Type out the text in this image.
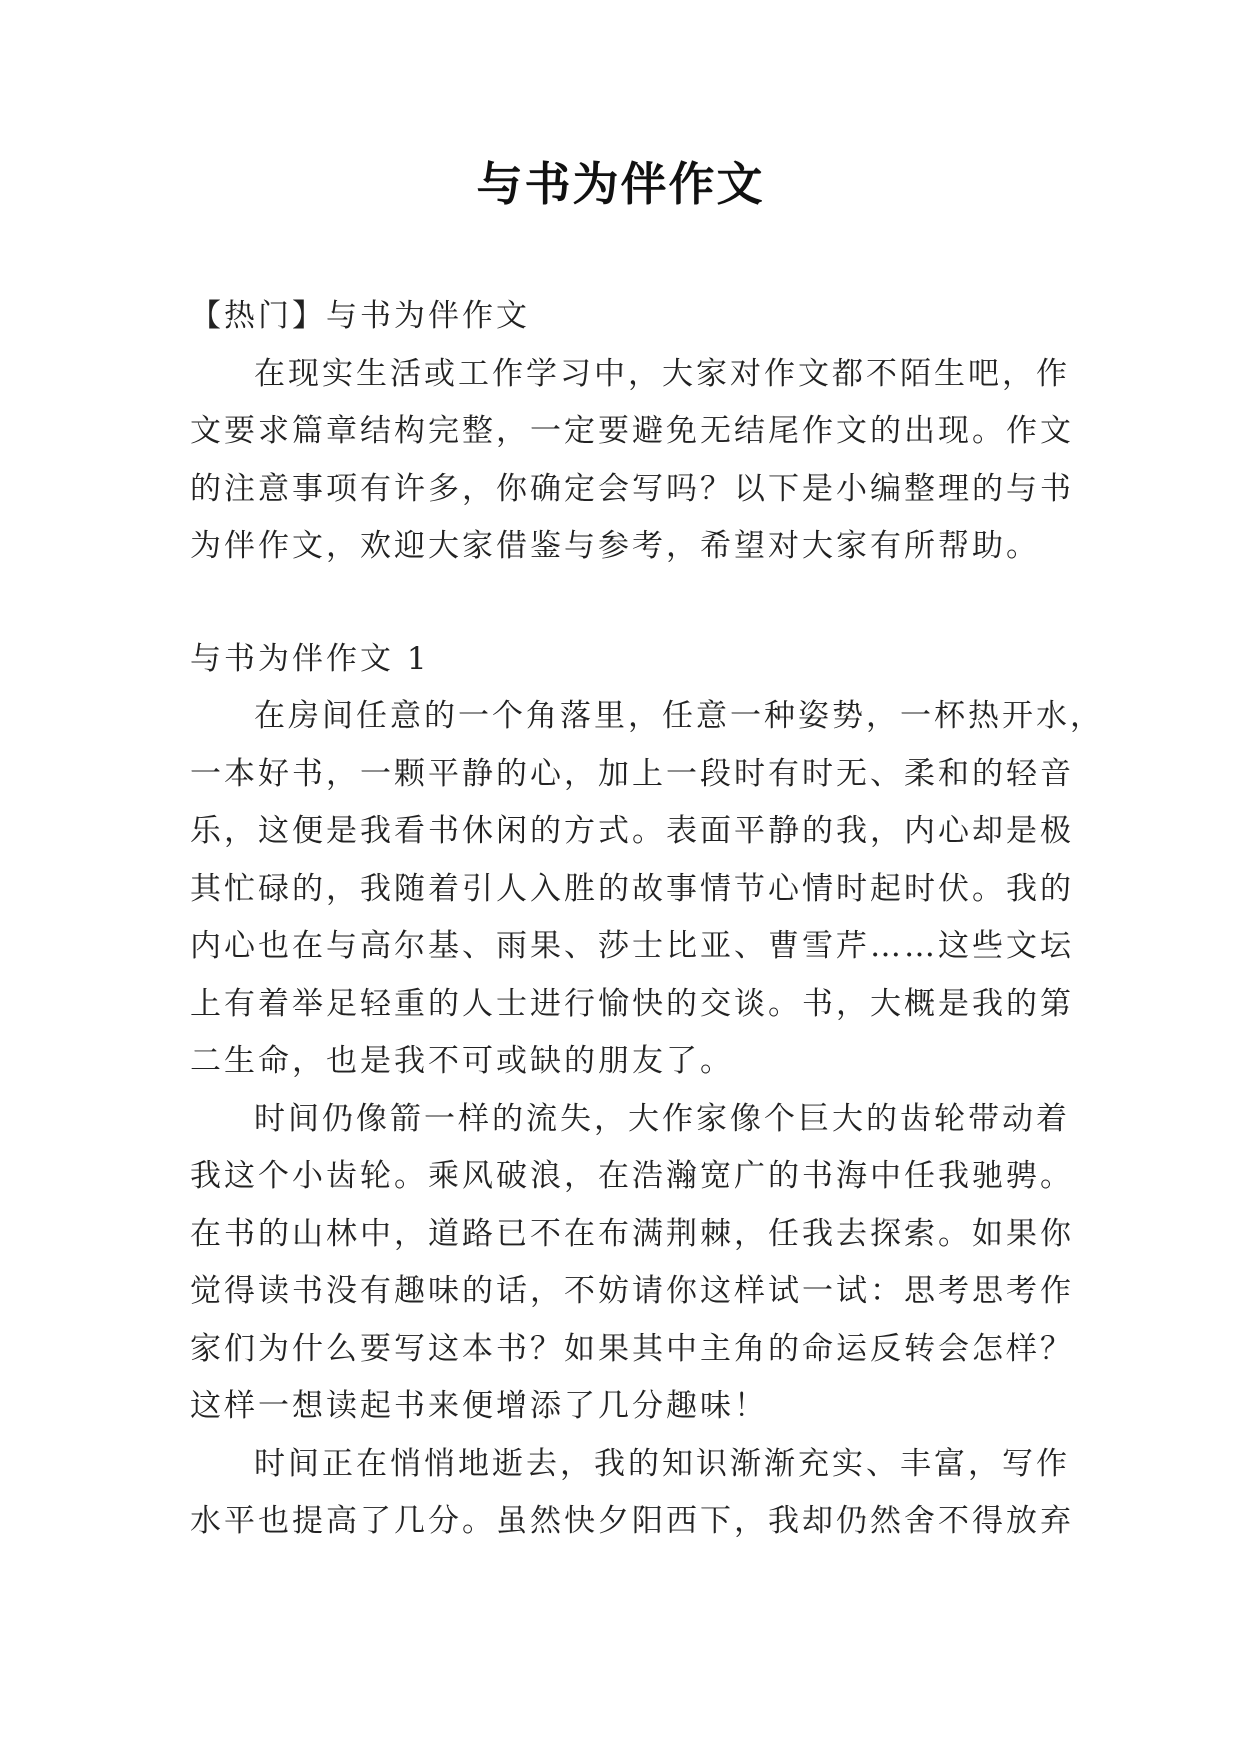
与书为伴作文
【热门】与书为伴作文
在现实生活或工作学习中，大家对作文都不陌生吧，作
文要求篇章结构完整，一定要避免无结尾作文的出现。作文
的注意事项有许多，你确定会写吗？以下是小编整理的与书
为伴作文，欢迎大家借鉴与参考，希望对大家有所帮助。
与书为伴作文 1
在房间任意的一个角落里，任意一种姿势，一杯热开水，
一本好书，一颗平静的心，加上一段时有时无、柔和的轻音
乐，这便是我看书休闲的方式。表面平静的我，内心却是极
其忙碌的，我随着引人入胜的故事情节心情时起时伏。我的
内心也在与高尔基、雨果、莎士比亚、曹雪芹……这些文坛
上有着举足轻重的人士进行愉快的交谈。书，大概是我的第
二生命，也是我不可或缺的朋友了。
时间仍像箭一样的流失，大作家像个巨大的齿轮带动着
我这个小齿轮。乘风破浪，在浩瀚宽广的书海中任我驰骋。
在书的山林中，道路已不在布满荆棘，任我去探索。如果你
觉得读书没有趣味的话，不妨请你这样试一试：思考思考作
家们为什么要写这本书？如果其中主角的命运反转会怎样？
这样一想读起书来便增添了几分趣味！
时间正在悄悄地逝去，我的知识渐渐充实、丰富，写作
水平也提高了几分。虽然快夕阳西下，我却仍然舍不得放弃
